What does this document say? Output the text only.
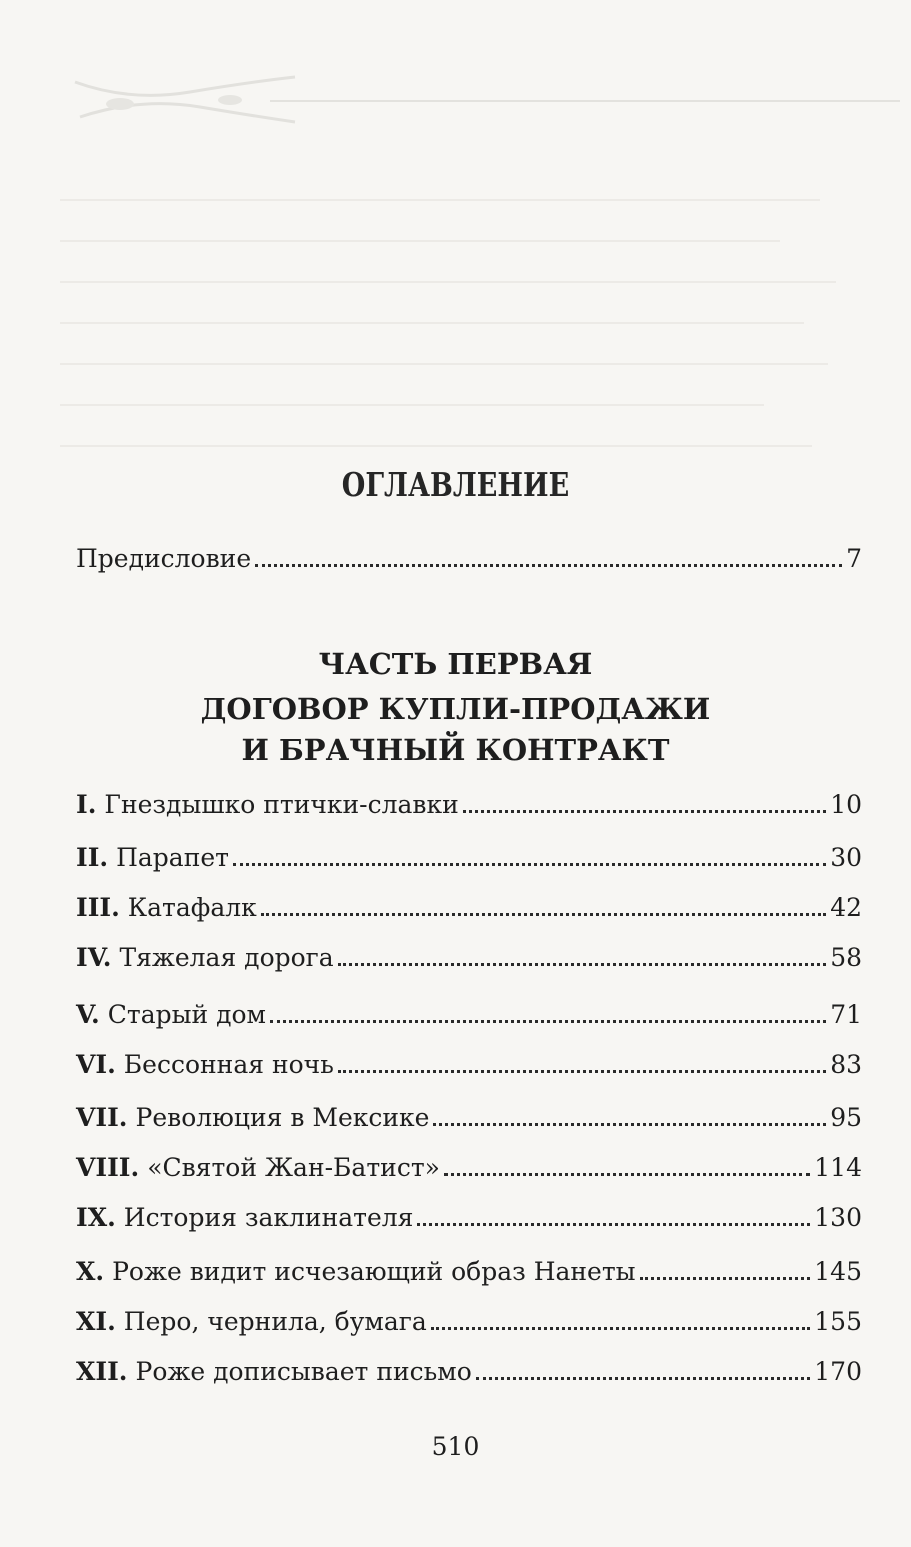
ОГЛАВЛЕНИЕ
Предисловие	7
ЧАСТЬ ПЕРВАЯ
ДОГОВОР КУПЛИ-ПРОДАЖИ
И БРАЧНЫЙ КОНТРАКТ
I. Гнездышко птички-славки	10
II. Парапет	30
III. Катафалк	42
IV. Тяжелая дорога	58
V. Старый дом	71
VI. Бессонная ночь	83
VII. Революция в Мексике	95
VIII. «Святой Жан-Батист»	114
IX. История заклинателя	130
X. Роже видит исчезающий образ Нанеты	145
XI. Перо, чернила, бумага	155
XII. Роже дописывает письмо	170
510
